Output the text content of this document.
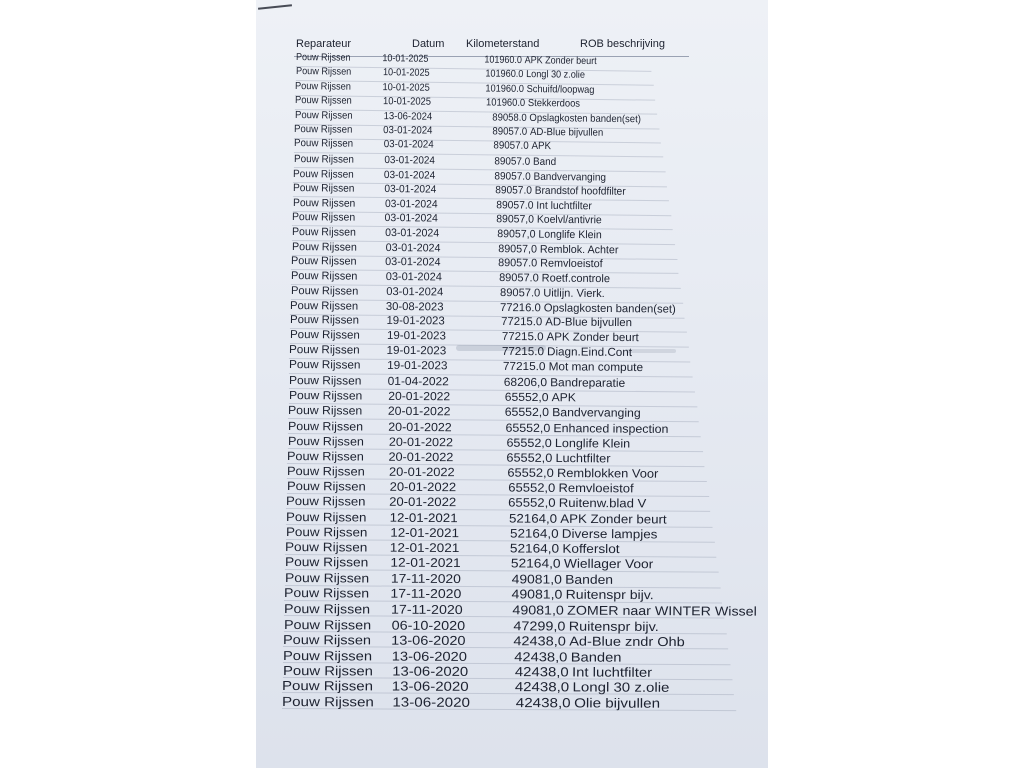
Reparateur	Datum Kilometerstand	ROB beschrijving
Pouw Rijssen	10-01-2025	101960.0 APK Zonder beurt
Pouw Rijssen	10-01-2025	101960.0 Longl 30 z.olie
Pouw Rijssen	10-01-2025	101960.0 Schuifd/loopwag
Pouw Rijssen	10-01-2025	101960.0 Stekkerdoos
Pouw Rijssen	13-06-2024	89058.0 Opslagkosten banden(set)
Pouw Rijssen	03-01-2024	89057.0 AD-Blue bijvullen
Pouw Rijssen	03-01-2024	89057.0 APK
Pouw Rijssen	03-01-2024	89057.0 Band
Pouw Rijssen	03-01-2024	89057.0 Bandvervanging
Pouw Rijssen	03-01-2024	89057.0 Brandstof hoofdfilter
Pouw Rijssen	03-01-2024	89057.0 Int luchtfilter
Pouw Rijssen	03-01-2024	89057,0 Koelvl/antivrie
Pouw Rijssen	03-01-2024	89057,0 Longlife Klein
Pouw Rijssen	03-01-2024	89057,0 Remblok. Achter
Pouw Rijssen	03-01-2024	89057.0 Remvloeistof
Pouw Rijssen	03-01-2024	89057.0 Roetf.controle
Pouw Rijssen 03-01-2024	89057.0 Uitlijn. Vierk.
Pouw Rijssen 30-08-2023	77216.0 Opslagkosten banden(set)
Pouw Rijssen 19-01-2023	77215.0 AD-Blue bijvullen
Pouw Rijssen 19-01-2023	77215.0 APK Zonder beurt
Pouw Rijssen 19-01-2023	77215.0 Diagn.Eind.Cont
Pouw Rijssen 19-01-2023	77215.0 Mot man compute
Pouw Rijssen 01-04-2022	68206,0 Bandreparatie
Pouw Rijssen 20-01-2022	65552,0 APK
Pouw Rijssen 20-01-2022	65552,0 Bandvervanging
Pouw Rijssen 20-01-2022	65552,0 Enhanced inspection
Pouw Rijssen 20-01-2022	65552,0 Longlife Klein
Pouw Rijssen 20-01-2022	65552,0 Luchtfilter
Pouw Rijssen 20-01-2022	65552,0 Remblokken Voor
Pouw Rijssen 20-01-2022	65552,0 Remvloeistof
Pouw Rijssen 20-01-2022	65552,0 Ruitenw.blad V
Pouw Rijssen 12-01-2021	52164,0 APK Zonder beurt
Pouw Rijssen 12-01-2021	52164,0 Diverse lampjes
Pouw Rijssen 12-01-2021	52164,0 Kofferslot
Pouw Rijssen 12-01-2021	52164,0 Wiellager Voor
Pouw Rijssen 17-11-2020	49081,0 Banden
Pouw Rijssen 17-11-2020	49081,0 Ruitenspr bijv.
Pouw Rijssen 17-11-2020	49081,0 ZOMER naar WINTER Wissel
Pouw Rijssen 06-10-2020	47299,0 Ruitenspr bijv.
Pouw Rijssen 13-06-2020	42438,0 Ad-Blue zndr Ohb
Pouw Rijssen 13-06-2020	42438,0 Banden
Pouw Rijssen 13-06-2020	42438,0 Int luchtfilter
Pouw Rijssen 13-06-2020	42438,0 Longl 30 z.olie
Pouw Rijssen 13-06-2020	42438,0 Olie bijvullen
